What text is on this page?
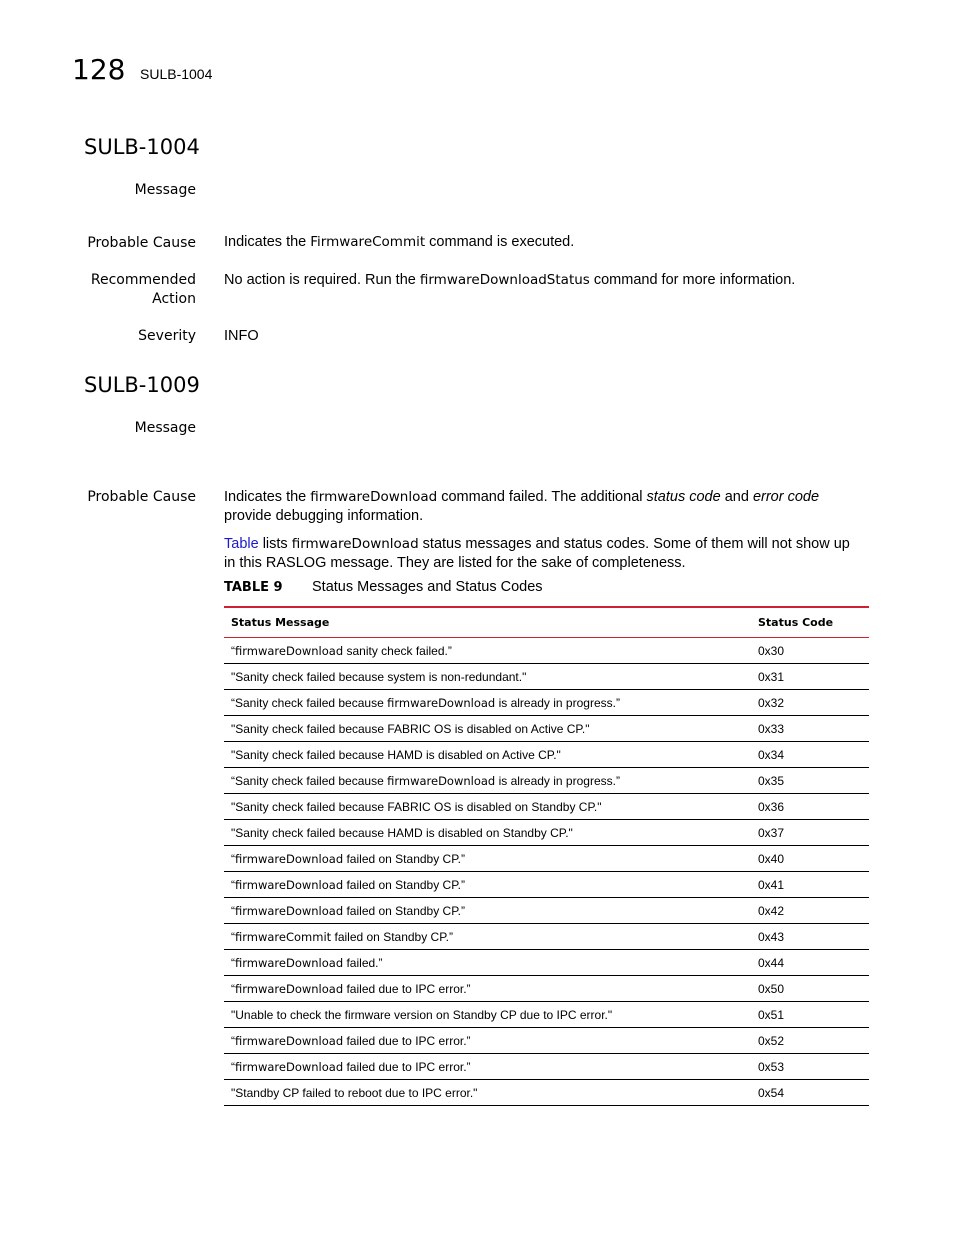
128 SULB-1004
SULB-1004
Message
Probable Cause Indicates the FirmwareCommit command is executed.
Recommended
Action
No action is required. Run the firmwareDownloadStatus command for more information.
Severity INFO
SULB-1009
Message
Probable Cause Indicates the firmwareDownload command failed. The additional status code and error code provide debugging information.
Table lists firmwareDownload status messages and status codes. Some of them will not show up in this RASLOG message. They are listed for the sake of completeness.
TABLE 9 Status Messages and Status Codes
Status Message	Status Code
“firmwareDownload sanity check failed.”	0x30
"Sanity check failed because system is non-redundant."	0x31
“Sanity check failed because firmwareDownload is already in progress.”	0x32
"Sanity check failed because FABRIC OS is disabled on Active CP."	0x33
"Sanity check failed because HAMD is disabled on Active CP."	0x34
“Sanity check failed because firmwareDownload is already in progress.”	0x35
"Sanity check failed because FABRIC OS is disabled on Standby CP."	0x36
"Sanity check failed because HAMD is disabled on Standby CP."	0x37
“firmwareDownload failed on Standby CP.”	0x40
“firmwareDownload failed on Standby CP.”	0x41
“firmwareDownload failed on Standby CP.”	0x42
“firmwareCommit failed on Standby CP.”	0x43
“firmwareDownload failed.”	0x44
“firmwareDownload failed due to IPC error.”	0x50
"Unable to check the firmware version on Standby CP due to IPC error."	0x51
“firmwareDownload failed due to IPC error.”	0x52
“firmwareDownload failed due to IPC error.”	0x53
"Standby CP failed to reboot due to IPC error."	0x54
